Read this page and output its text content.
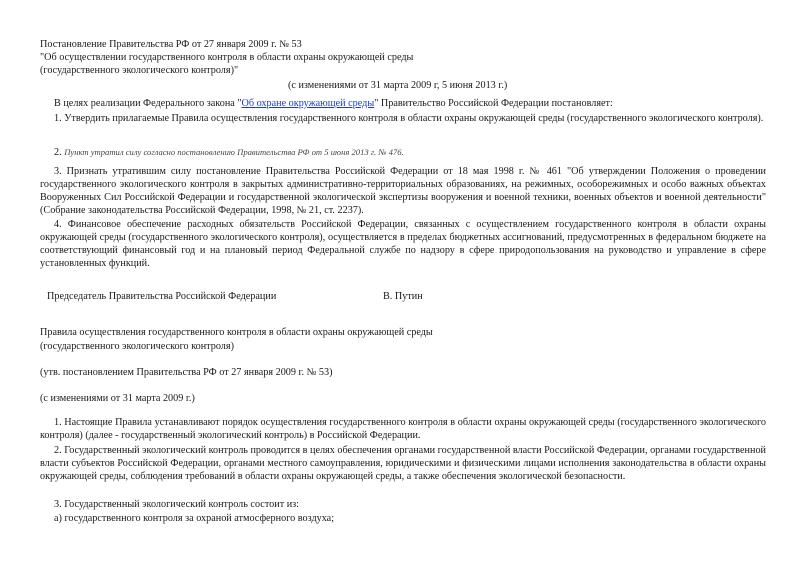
Постановление Правительства РФ от 27 января 2009 г. № 53
"Об осуществлении государственного контроля в области охраны окружающей среды
(государственного экологического контроля)"
(с изменениями от 31 марта 2009 г, 5 июня 2013 г.)
В целях реализации Федерального закона "Об охране окружающей среды" Правительство Российской Федерации постановляет:
1. Утвердить прилагаемые Правила осуществления государственного контроля в области охраны окружающей среды (государственного экологического контроля).
2. Пункт утратил силу согласно постановлению Правительства РФ от 5 июня 2013 г. № 476.
3. Признать утратившим силу постановление Правительства Российской Федерации от 18 мая 1998 г. № 461 "Об утверждении Положения о проведении государственного экологического контроля в закрытых административно-территориальных образованиях, на режимных, особорежимных и особо важных объектах Вооруженных Сил Российской Федерации и государственной экологической экспертизы вооружения и военной техники, военных объектов и военной деятельности" (Собрание законодательства Российской Федерации, 1998, № 21, ст. 2237).
4. Финансовое обеспечение расходных обязательств Российской Федерации, связанных с осуществлением государственного контроля в области охраны окружающей среды (государственного экологического контроля), осуществляется в пределах бюджетных ассигнований, предусмотренных в федеральном бюджете на соответствующий финансовый год и на плановый период Федеральной службе по надзору в сфере природопользования на руководство и управление в сфере установленных функций.
Председатель Правительства Российской Федерации	В. Путин
Правила осуществления государственного контроля в области охраны окружающей среды
(государственного экологического контроля)
(утв. постановлением Правительства РФ от 27 января 2009 г. № 53)
(с изменениями от 31 марта 2009 г.)
1. Настоящие Правила устанавливают порядок осуществления государственного контроля в области охраны окружающей среды (государственного экологического контроля) (далее - государственный экологический контроль) в Российской Федерации.
2. Государственный экологический контроль проводится в целях обеспечения органами государственной власти Российской Федерации, органами государственной власти субъектов Российской Федерации, органами местного самоуправления, юридическими и физическими лицами исполнения законодательства в области охраны окружающей среды, соблюдения требований в области охраны окружающей среды, а также обеспечения экологической безопасности.
3. Государственный экологический контроль состоит из:
а) государственного контроля за охраной атмосферного воздуха;
